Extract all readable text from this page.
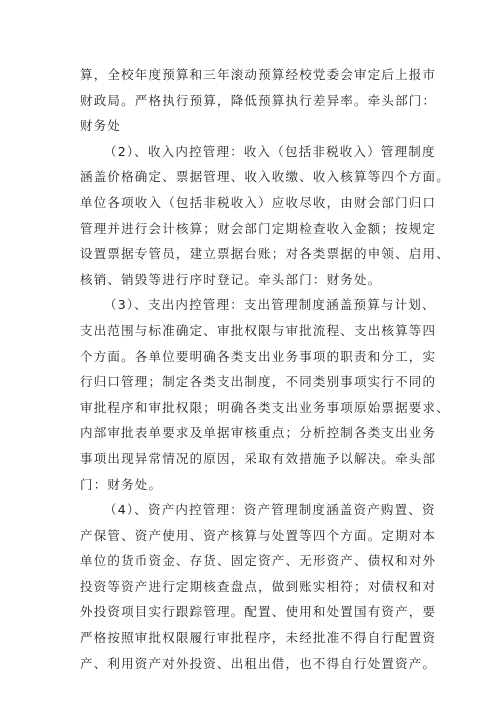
算，全校年度预算和三年滚动预算经校党委会审定后上报市
财政局。严格执行预算，降低预算执行差异率。牵头部门：
财务处
（2）、收入内控管理：收入（包括非税收入）管理制度
涵盖价格确定、票据管理、收入收缴、收入核算等四个方面。
单位各项收入（包括非税收入）应收尽收，由财会部门归口
管理并进行会计核算；财会部门定期检查收入金额；按规定
设置票据专管员，建立票据台账；对各类票据的申领、启用、
核销、销毁等进行序时登记。牵头部门：财务处。
（3）、支出内控管理：支出管理制度涵盖预算与计划、
支出范围与标准确定、审批权限与审批流程、支出核算等四
个方面。各单位要明确各类支出业务事项的职责和分工，实
行归口管理；制定各类支出制度，不同类别事项实行不同的
审批程序和审批权限；明确各类支出业务事项原始票据要求、
内部审批表单要求及单据审核重点；分析控制各类支出业务
事项出现异常情况的原因，采取有效措施予以解决。牵头部
门：财务处。
（4）、资产内控管理：资产管理制度涵盖资产购置、资
产保管、资产使用、资产核算与处置等四个方面。定期对本
单位的货币资金、存货、固定资产、无形资产、债权和对外
投资等资产进行定期核查盘点，做到账实相符；对债权和对
外投资项目实行跟踪管理。配置、使用和处置国有资产，要
严格按照审批权限履行审批程序，未经批准不得自行配置资
产、利用资产对外投资、出租出借，也不得自行处置资产。
